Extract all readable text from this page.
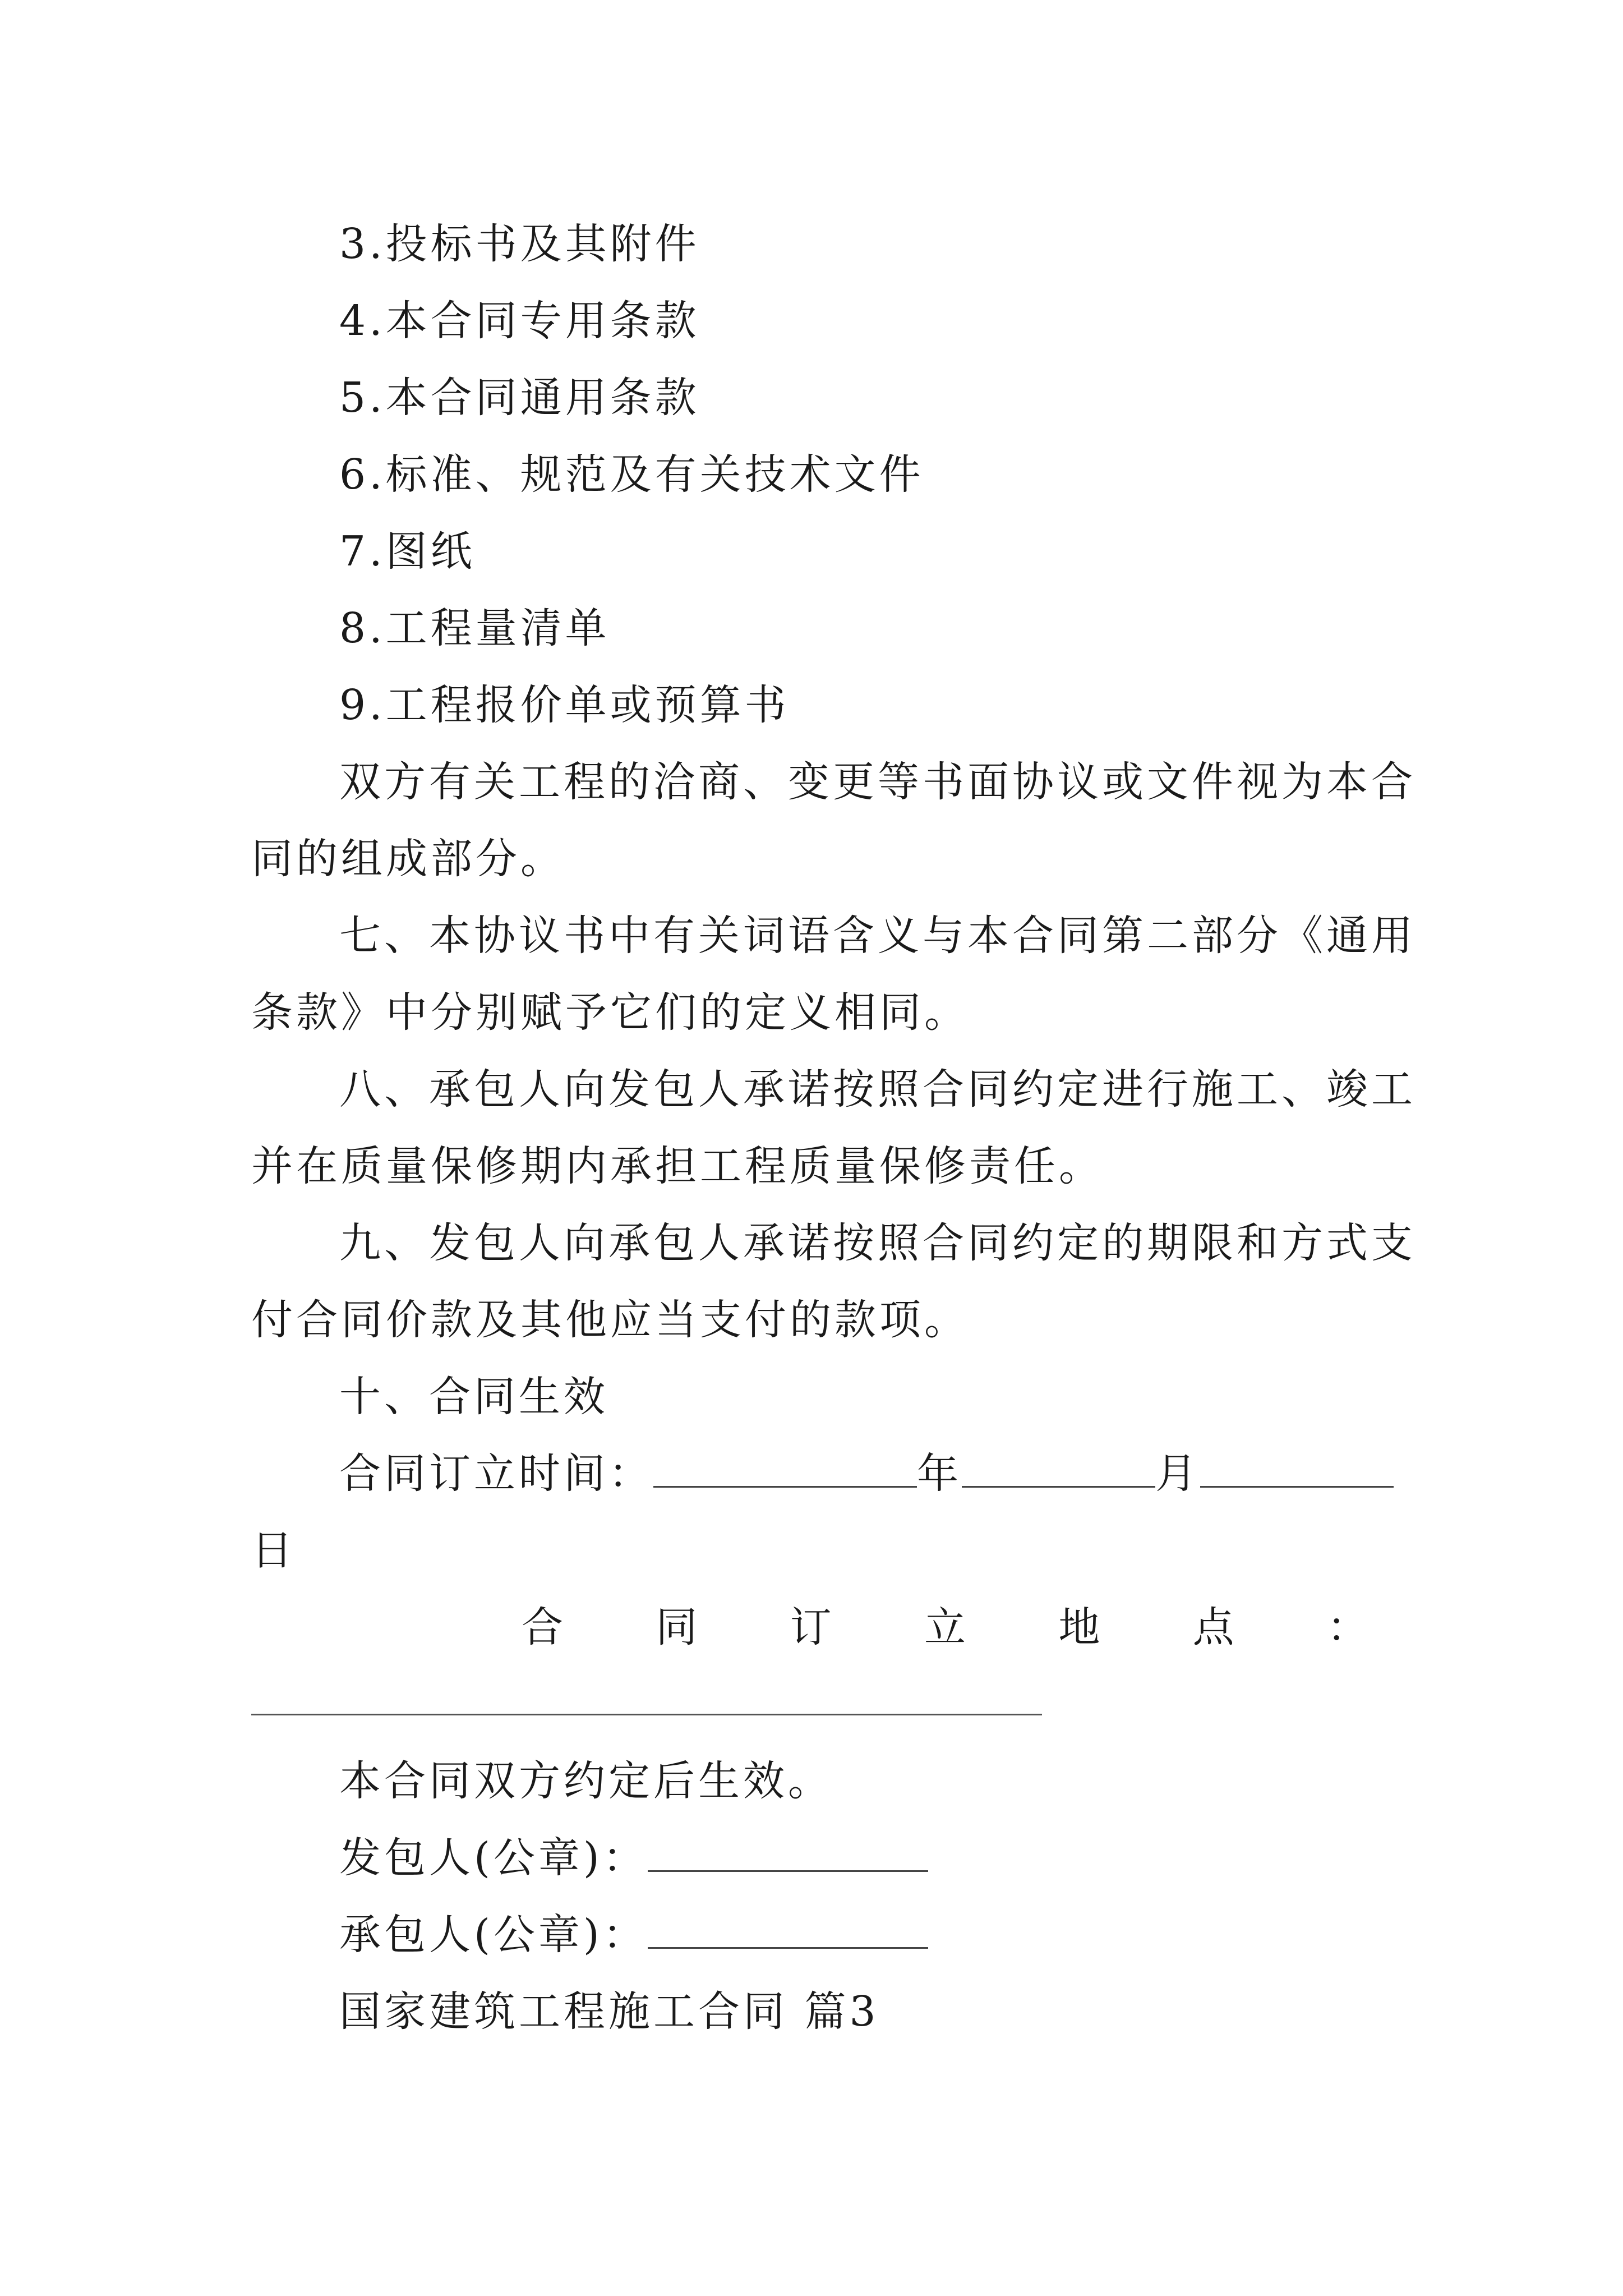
3.投标书及其附件
4.本合同专用条款
5.本合同通用条款
6.标准、规范及有关技术文件
7.图纸
8.工程量清单
9.工程报价单或预算书
双方有关工程的洽商、变更等书面协议或文件视为本合
同的组成部分。
七、本协议书中有关词语含义与本合同第二部分《通用
条款》中分别赋予它们的定义相同。
八、承包人向发包人承诺按照合同约定进行施工、竣工
并在质量保修期内承担工程质量保修责任。
九、发包人向承包人承诺按照合同约定的期限和方式支
付合同价款及其他应当支付的款项。
十、合同生效
合同订立时间：	年	月
日
合 同 订 立 地 点 ：
本合同双方约定后生效。
发包人(公章)：
承包人(公章)：
国家建筑工程施工合同 篇3
